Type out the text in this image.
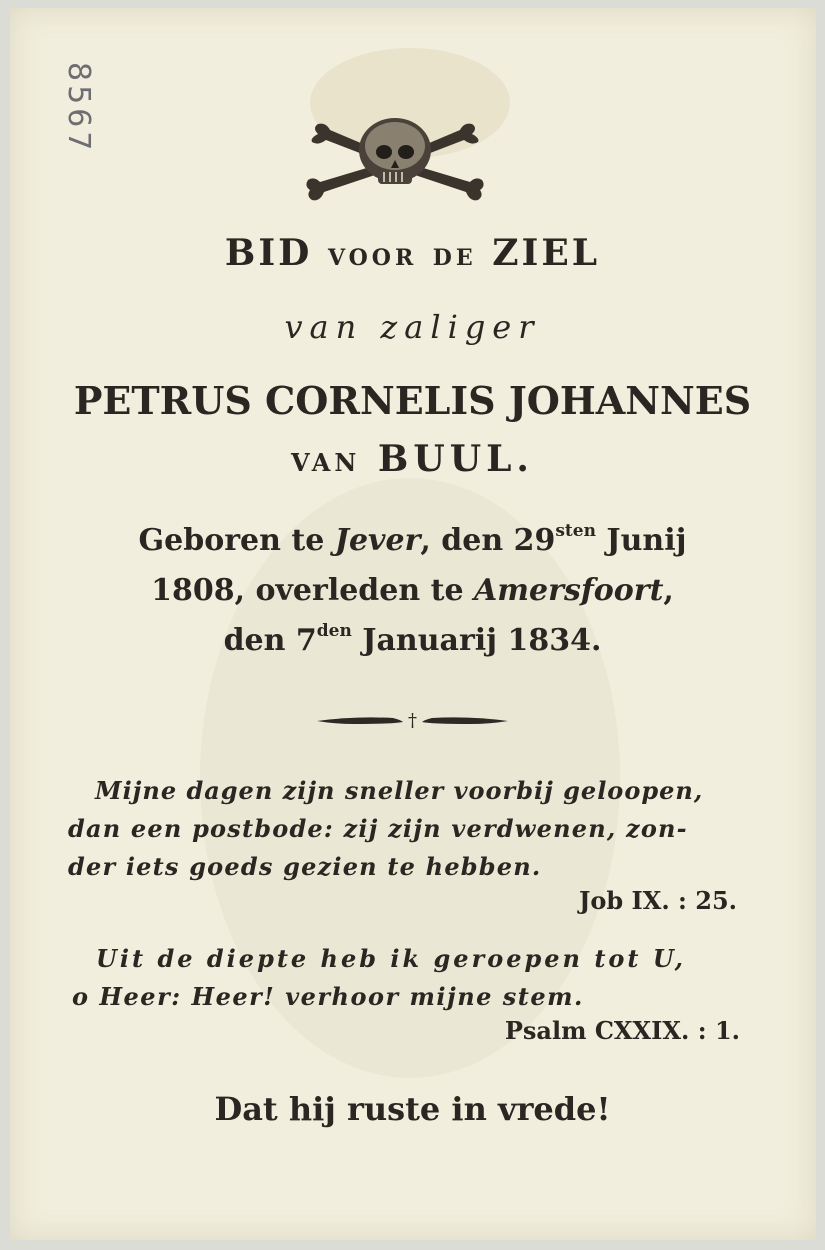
8567
BID VOOR DE ZIEL
van zaliger
PETRUS CORNELIS JOHANNES
VAN BUUL.
Geboren te Jever, den $29^{sten}$ Junij
1808, overleden te Amersfoort,
den $7^{den}$ Januarij 1834.
†
Mijne dagen zijn sneller voorbij geloopen,
dan een postbode: zij zijn verdwenen, zon-
der iets goeds gezien te hebben.
Job IX. : 25.
Uit de diepte heb ik geroepen tot U,
o Heer: Heer! verhoor mijne stem.
Psalm CXXIX. : 1.
Dat hij ruste in vrede!
